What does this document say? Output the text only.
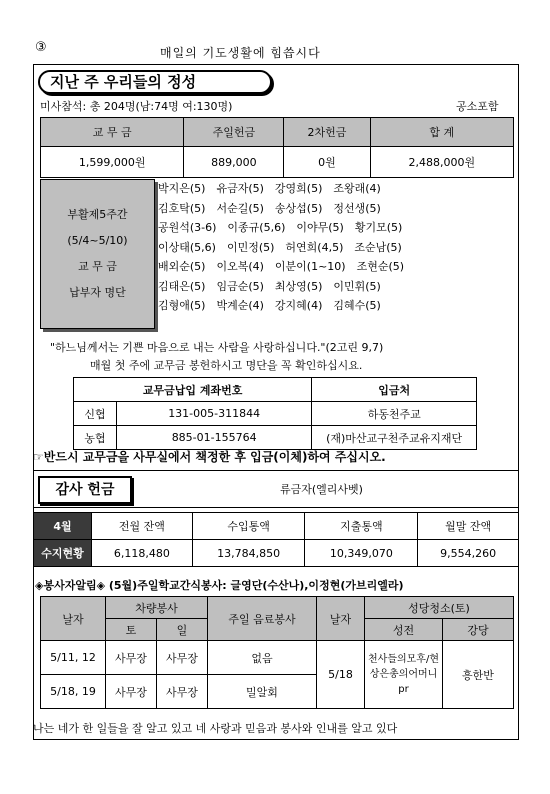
③	매일의 기도생활에 힘씁시다
지난 주 우리들의 정성
미사참석: 총 204명(남:74명 여:130명)	공소포함
교 무 금	주일헌금	2차헌금	합 계
1,599,000원	889,000	0원	2,488,000원
부활제5주간
(5/4~5/10)
교 무 금
납부자 명단
박지은(5)　유금자(5)　강영희(5)　조왕래(4)
김호탁(5)　서순길(5)　송상섭(5)　정선생(5)
공원석(3-6)　이종규(5,6)　이야무(5)　황기모(5)
이상태(5,6)　이민정(5)　허연희(4,5)　조순남(5)
배외순(5)　이오복(4)　이분이(1~10)　조현순(5)
김태은(5)　임금순(5)　최상영(5)　이민휘(5)
김형애(5)　박계순(4)　강지혜(4)　김혜수(5)
"하느님께서는 기쁜 마음으로 내는 사람을 사랑하십니다."(2고린 9,7)
매월 첫 주에 교무금 봉헌하시고 명단을 꼭 확인하십시요.
교무금납입 계좌번호		입금처
신협	131-005-311844	하동천주교
농협	885-01-155764	(재)마산교구천주교유지재단
☞반드시 교무금을 사무실에서 책정한 후 입금(이체)하여 주십시오.
감사 헌금	류금자(엘리사벳)
4월	전월 잔액	수입통액	지출통액	월말 잔액
수지현황	6,118,480	13,784,850	10,349,070	9,554,260
◈봉사자알림◈ (5월)주일학교간식봉사: 글영단(수산나),이정현(가브리엘라)
날자	차량봉사		주일 음료봉사	날자	성당청소(토)	
	토	일			성전	강당
5/11, 12	사무장	사무장	없음	5/18	천사들의모후/현상은총의어머니pr	흥한반
5/18, 19	사무장	사무장	밀알회			
나는 네가 한 일들을 잘 알고 있고 네 사랑과 믿음과 봉사와 인내를 알고 있다
